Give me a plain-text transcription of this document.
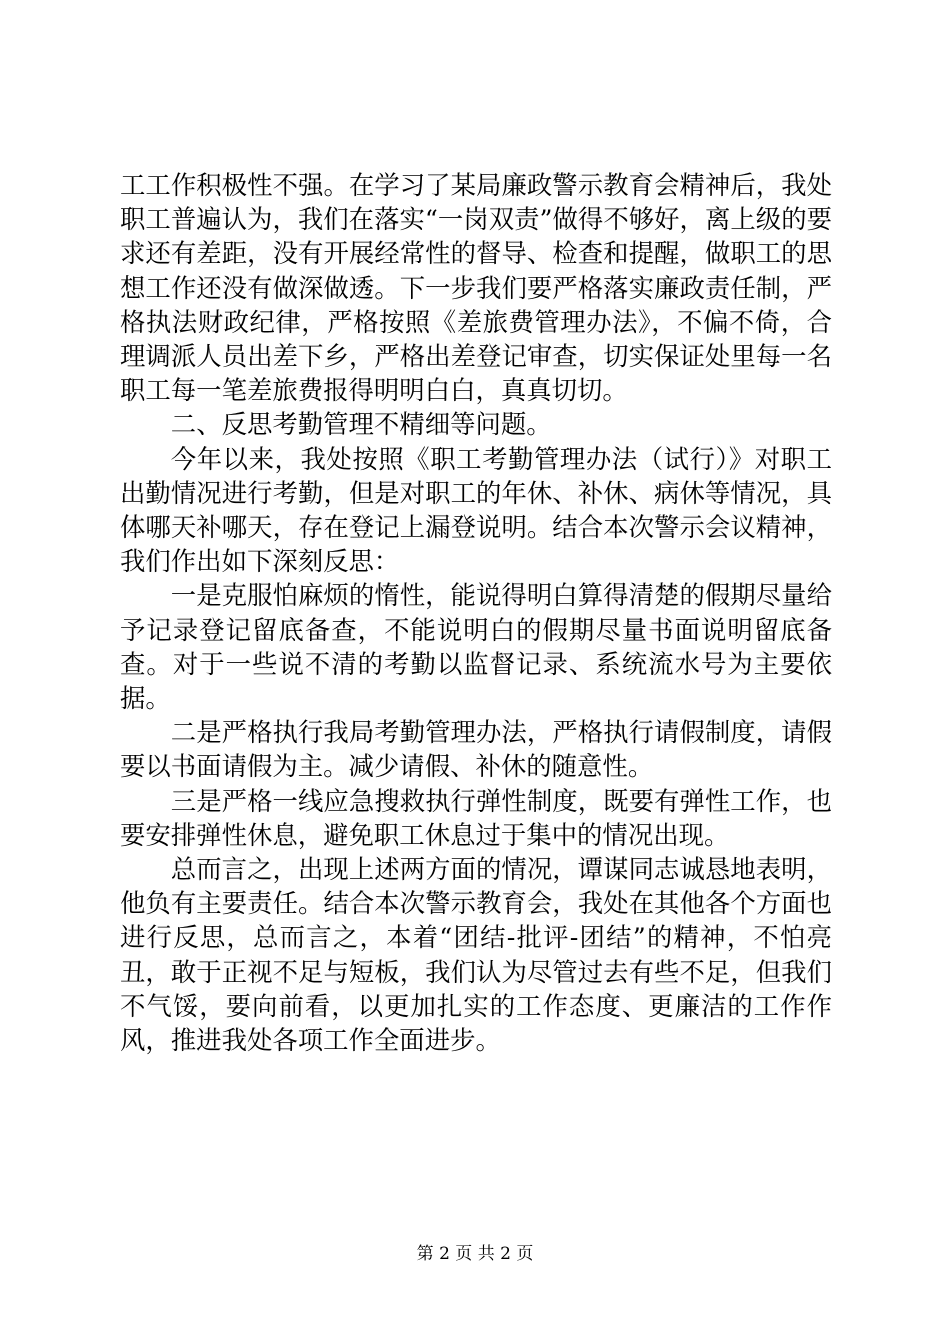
工工作积极性不强。在学习了某局廉政警示教育会精神后，我处职工普遍认为，我们在落实“一岗双责”做得不够好，离上级的要求还有差距，没有开展经常性的督导、检查和提醒，做职工的思想工作还没有做深做透。下一步我们要严格落实廉政责任制，严格执法财政纪律，严格按照《差旅费管理办法》，不偏不倚，合理调派人员出差下乡，严格出差登记审查，切实保证处里每一名职工每一笔差旅费报得明明白白，真真切切。

二、反思考勤管理不精细等问题。

今年以来，我处按照《职工考勤管理办法（试行）》对职工出勤情况进行考勤，但是对职工的年休、补休、病休等情况，具体哪天补哪天，存在登记上漏登说明。结合本次警示会议精神，我们作出如下深刻反思：

一是克服怕麻烦的惰性，能说得明白算得清楚的假期尽量给予记录登记留底备查，不能说明白的假期尽量书面说明留底备查。对于一些说不清的考勤以监督记录、系统流水号为主要依据。

二是严格执行我局考勤管理办法，严格执行请假制度，请假要以书面请假为主。减少请假、补休的随意性。

三是严格一线应急搜救执行弹性制度，既要有弹性工作，也要安排弹性休息，避免职工休息过于集中的情况出现。

总而言之，出现上述两方面的情况，谭谋同志诚恳地表明，他负有主要责任。结合本次警示教育会，我处在其他各个方面也进行反思，总而言之，本着“团结-批评-团结”的精神，不怕亮丑，敢于正视不足与短板，我们认为尽管过去有些不足，但我们不气馁，要向前看，以更加扎实的工作态度、更廉洁的工作作风，推进我处各项工作全面进步。

第 2 页 共 2 页
